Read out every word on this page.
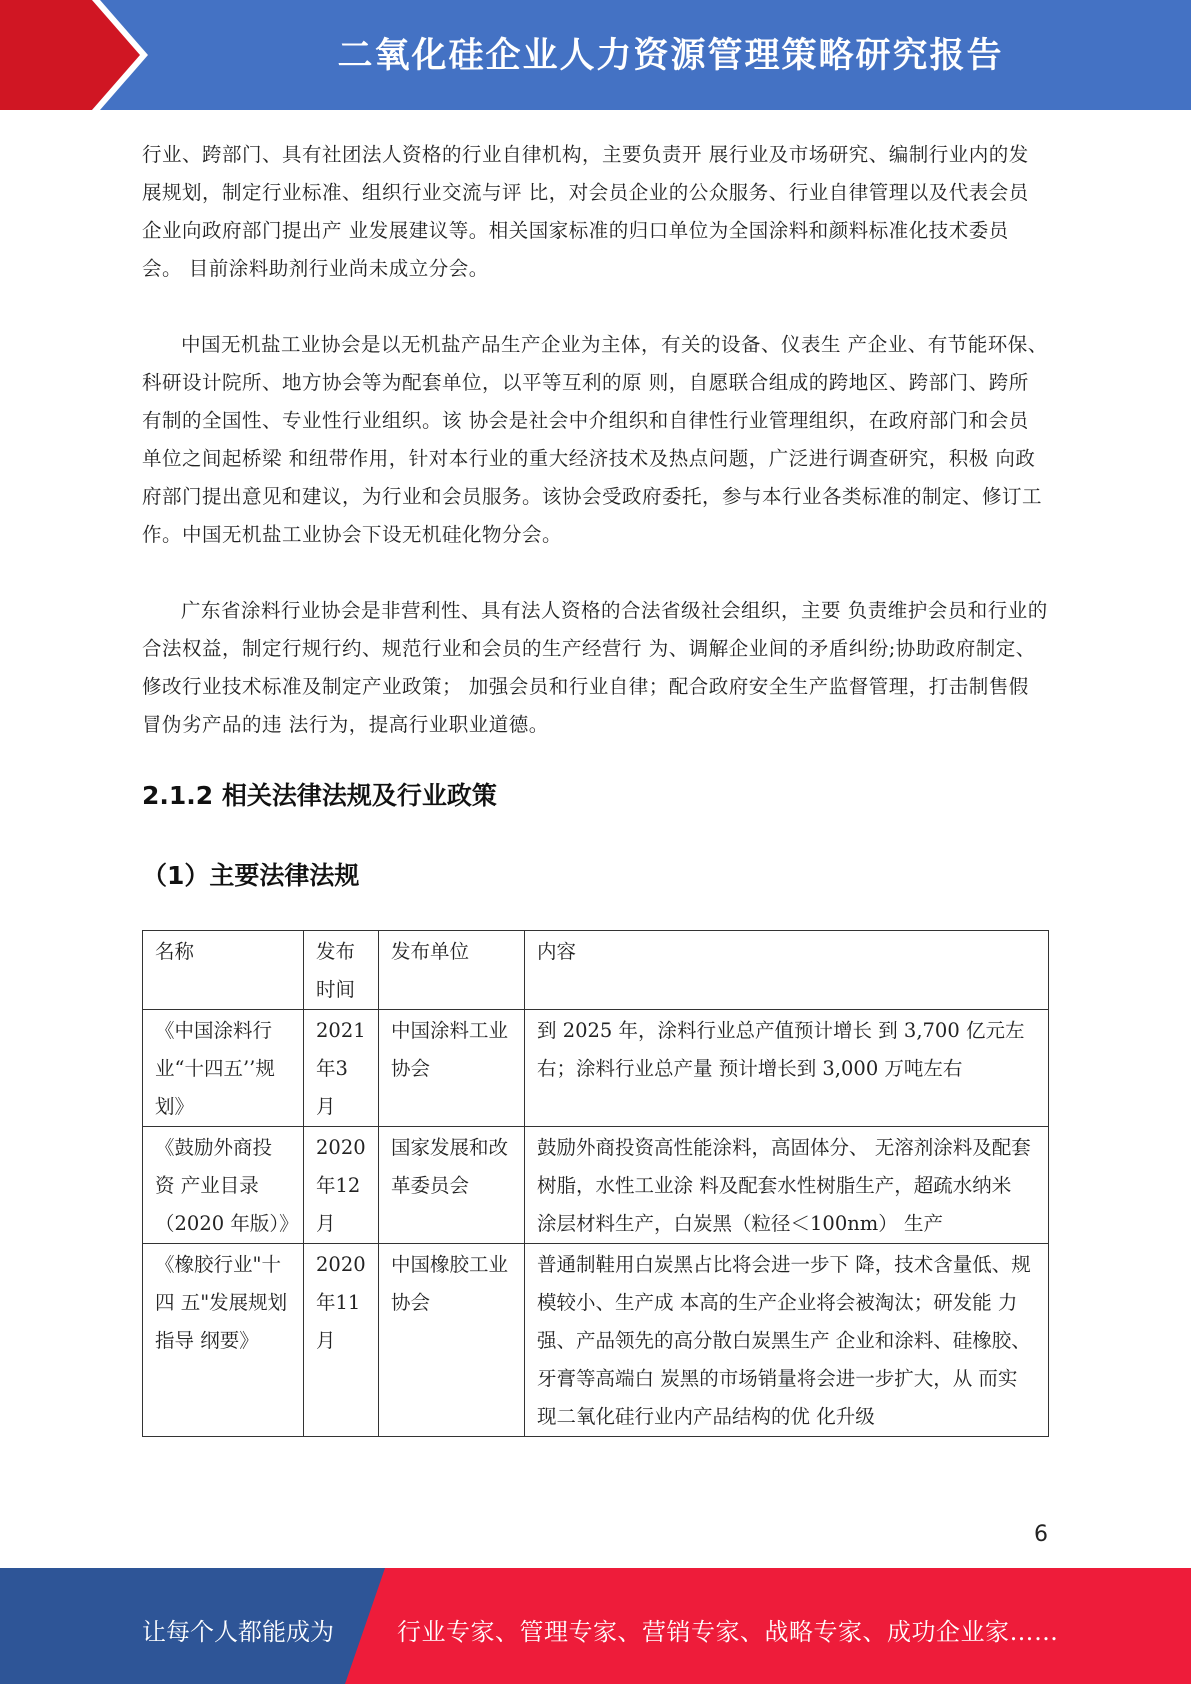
二氧化硅企业人力资源管理策略研究报告

行业、跨部门、具有社团法人资格的行业自律机构，主要负责开 展行业及市场研究、编制行业内的发展规划，制定行业标准、组织行业交流与评 比，对会员企业的公众服务、行业自律管理以及代表会员企业向政府部门提出产 业发展建议等。相关国家标准的归口单位为全国涂料和颜料标准化技术委员会。 目前涂料助剂行业尚未成立分会。

中国无机盐工业协会是以无机盐产品生产企业为主体，有关的设备、仪表生 产企业、有节能环保、科研设计院所、地方协会等为配套单位，以平等互利的原 则，自愿联合组成的跨地区、跨部门、跨所有制的全国性、专业性行业组织。该 协会是社会中介组织和自律性行业管理组织，在政府部门和会员单位之间起桥梁 和纽带作用，针对本行业的重大经济技术及热点问题，广泛进行调查研究，积极 向政府部门提出意见和建议，为行业和会员服务。该协会受政府委托，参与本行业各类标准的制定、修订工作。中国无机盐工业协会下设无机硅化物分会。

广东省涂料行业协会是非营利性、具有法人资格的合法省级社会组织，主要 负责维护会员和行业的合法权益，制定行规行约、规范行业和会员的生产经营行 为、调解企业间的矛盾纠纷;协助政府制定、修改行业技术标准及制定产业政策； 加强会员和行业自律；配合政府安全生产监督管理，打击制售假冒伪劣产品的违 法行为，提高行业职业道德。

2.1.2 相关法律法规及行业政策
（1）主要法律法规
名称	发布时间	发布单位	内容
《中国涂料行业“十四五’’规划》	2021年3月	中国涂料工业 协会	到 2025 年，涂料行业总产值预计增长 到 3,700 亿元左右；涂料行业总产量 预计增长到 3,000 万吨左右
《鼓励外商投资 产业目录（2020 年版）》	2020年12月	国家发展和改 革委员会	鼓励外商投资高性能涂料，高固体分、 无溶剂涂料及配套树脂，水性工业涂 料及配套水性树脂生产，超疏水纳米 涂层材料生产，白炭黑（粒径＜100nm） 生产
《橡胶行业"十四 五"发展规划指导 纲要》	2020年11月	中国橡胶工业 协会	普通制鞋用白炭黑占比将会进一步下 降，技术含量低、规模较小、生产成 本高的生产企业将会被淘汰；研发能 力强、产品领先的高分散白炭黑生产 企业和涂料、硅橡胶、牙膏等高端白 炭黑的市场销量将会进一步扩大，从 而实现二氧化硅行业内产品结构的优 化升级
6
让每个人都能成为	行业专家、管理专家、营销专家、战略专家、成功企业家……
